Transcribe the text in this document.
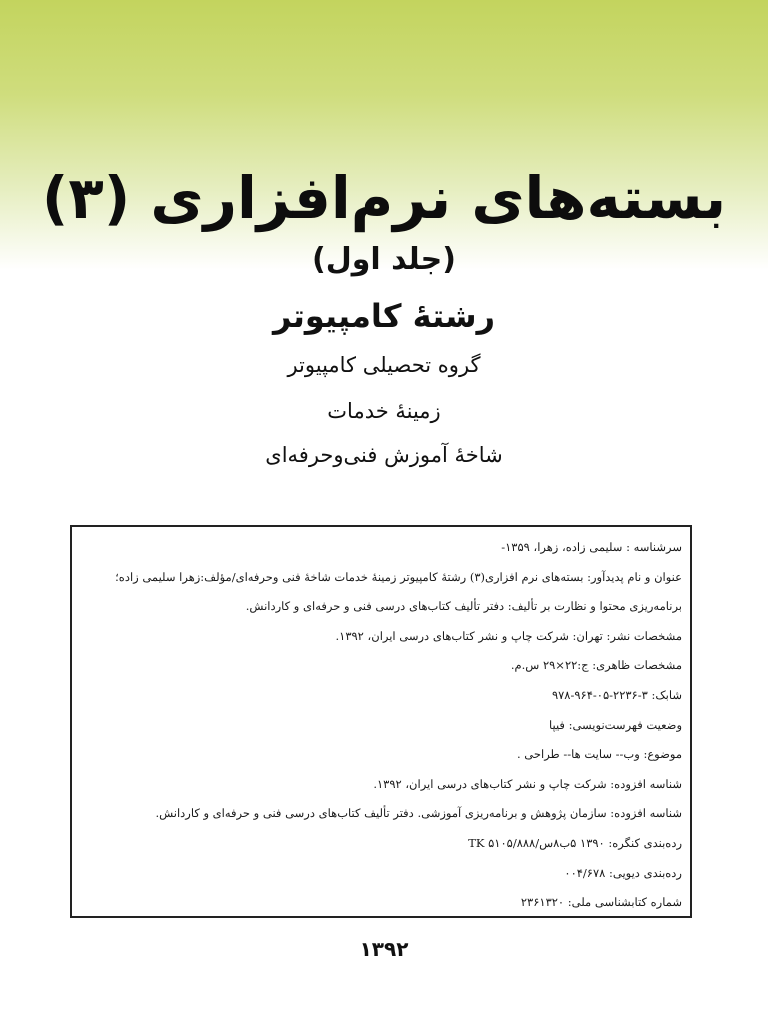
بسته‌های نرم‌افزاری (۳)
(جلد اول)
رشتۀ کامپیوتر
گروه تحصیلی کامپیوتر
زمینۀ خدمات
شاخۀ آموزش فنی‌وحرفه‌ای
سرشناسه : سلیمی زاده، زهرا، ۱۳۵۹-
عنوان و نام پدیدآور: بسته‌های نرم افزاری(۳) رشتۀ کامپیوتر زمینۀ خدمات شاخۀ فنی وحرفه‌ای/مؤلف:زهرا سلیمی زاده؛
برنامه‌ریزی محتوا و نظارت بر تألیف: دفتر تألیف کتاب‌های درسی فنی و حرفه‌ای و کاردانش.
مشخصات نشر: تهران: شرکت چاپ و نشر کتاب‌های درسی ایران، ۱۳۹۲.
مشخصات ظاهری: ج:۲۲×۲۹ س.م.
شابک: ۳-۲۲۳۶-۰۵-۹۶۴-۹۷۸
وضعیت فهرست‌نویسی: فیپا
موضوع: وب-- سایت ها-- طراحی .
شناسه افزوده: شرکت چاپ و نشر کتاب‌های درسی ایران، ۱۳۹۲.
شناسه افزوده: سازمان پژوهش و برنامه‌ریزی آموزشی. دفتر تألیف کتاب‌های درسی فنی و حرفه‌ای و کاردانش.
رده‌بندی کنگره: ۱۳۹۰ ۵ب۸س/۵۱۰۵/۸۸۸ TK
رده‌بندی دیویی: ۰۰۴/۶۷۸
شماره کتابشناسی ملی: ۲۳۶۱۳۲۰
۱۳۹۲
